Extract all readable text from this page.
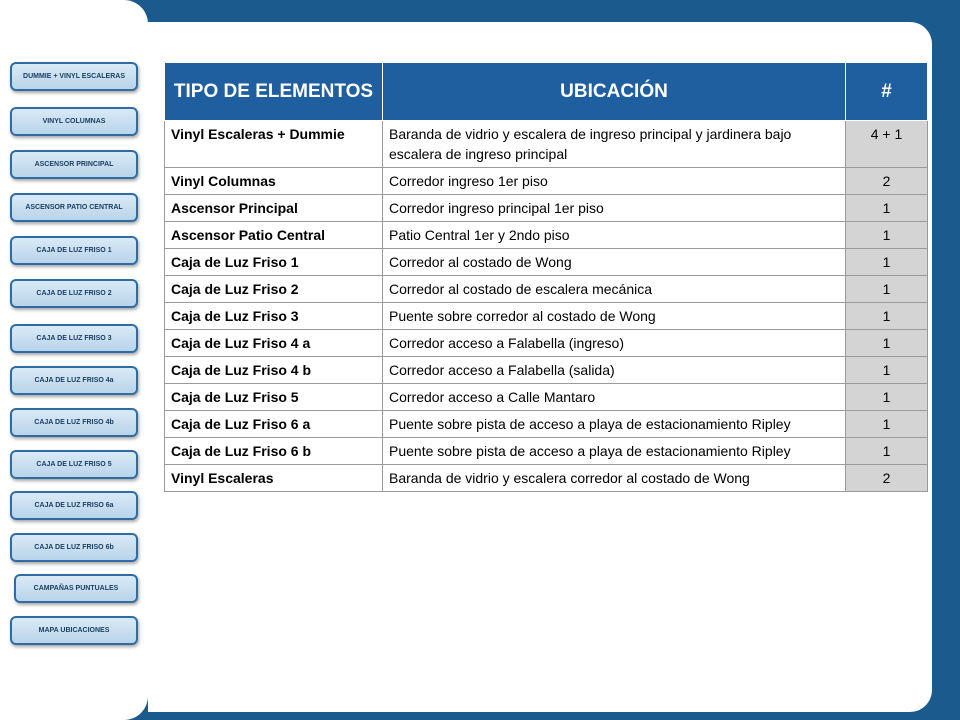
DUMMIE + VINYL ESCALERAS
VINYL COLUMNAS
ASCENSOR PRINCIPAL
ASCENSOR PATIO CENTRAL
CAJA DE LUZ FRISO 1
CAJA DE LUZ FRISO 2
CAJA DE LUZ FRISO 3
CAJA DE LUZ FRISO 4a
CAJA DE LUZ FRISO 4b
CAJA DE LUZ FRISO 5
CAJA DE LUZ FRISO 6a
CAJA DE LUZ FRISO 6b
CAMPAÑAS PUNTUALES
MAPA UBICACIONES
TIPO DE ELEMENTOS	UBICACIÓN	#
Vinyl Escaleras + Dummie	Baranda de vidrio y escalera de ingreso principal y jardinera bajo escalera de ingreso principal	4 + 1
Vinyl Columnas	Corredor ingreso 1er piso	2
Ascensor Principal	Corredor ingreso principal 1er piso	1
Ascensor Patio Central	Patio Central 1er y 2ndo piso	1
Caja de Luz Friso 1	Corredor al costado de Wong	1
Caja de Luz Friso 2	Corredor al costado de escalera mecánica	1
Caja de Luz Friso 3	Puente sobre corredor al costado de Wong	1
Caja de Luz Friso 4 a	Corredor acceso a Falabella (ingreso)	1
Caja de Luz Friso 4 b	Corredor acceso a Falabella (salida)	1
Caja de Luz Friso 5	Corredor acceso a Calle Mantaro	1
Caja de Luz Friso 6 a	Puente sobre pista de acceso a playa de estacionamiento Ripley	1
Caja de Luz Friso 6 b	Puente sobre pista de acceso a playa de estacionamiento Ripley	1
Vinyl Escaleras	Baranda de vidrio y escalera corredor al costado de Wong	2
* Todas las tarifas netas base están expresadas en soles y son mensuales.
